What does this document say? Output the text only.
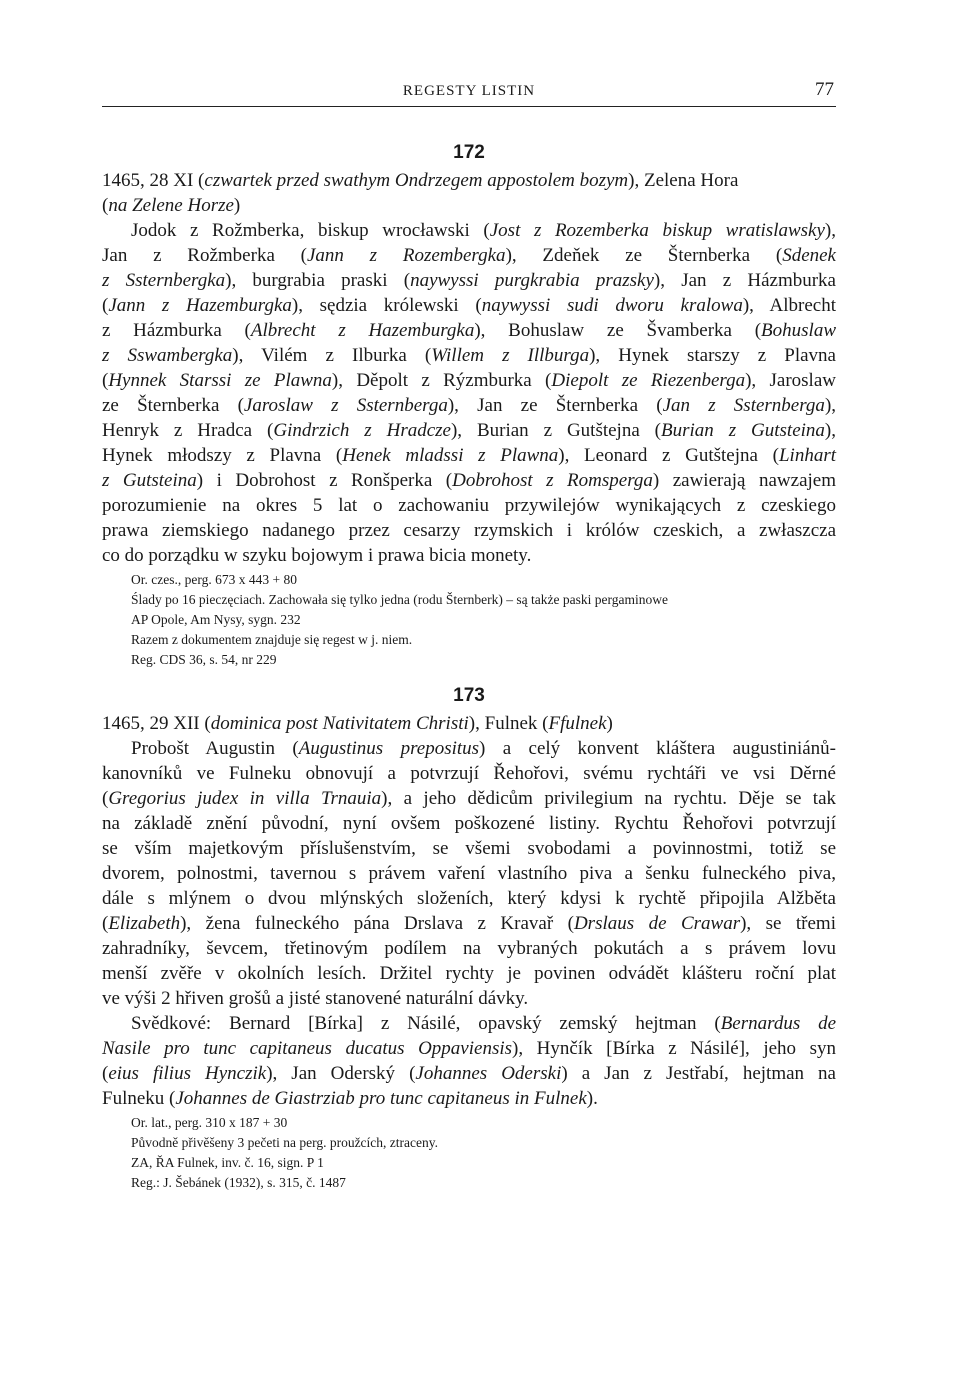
REGESTY LISTIN	77
172
1465, 28 XI (czwartek przed swathym Ondrzegem appostolem bozym), Zelena Hora
(na Zelene Horze)
Jodok z Rožmberka, biskup wrocławski (Jost z Rozemberka biskup wratislawsky),
Jan z Rožmberka (Jann z Rozembergka), Zdeňek ze Šternberka (Sdenek
z Ssternbergka), burgrabia praski (naywyssi purgkrabia prazsky), Jan z Házmburka
(Jann z Hazemburgka), sędzia królewski (naywyssi sudi dworu kralowa), Albrecht
z Házmburka (Albrecht z Hazemburgka), Bohuslaw ze Švamberka (Bohuslaw
z Sswambergka), Vilém z Ilburka (Willem z Illburga), Hynek starszy z Plavna
(Hynnek Starssi ze Plawna), Děpolt z Rýzmburka (Diepolt ze Riezenberga), Jaroslaw
ze Šternberka (Jaroslaw z Ssternberga), Jan ze Šternberka (Jan z Ssternberga),
Henryk z Hradca (Gindrzich z Hradcze), Burian z Gutštejna (Burian z Gutsteina),
Hynek młodszy z Plavna (Henek mladssi z Plawna), Leonard z Gutštejna (Linhart
z Gutsteina) i Dobrohost z Ronšperka (Dobrohost z Romsperga) zawierają nawzajem
porozumienie na okres 5 lat o zachowaniu przywilejów wynikających z czeskiego
prawa ziemskiego nadanego przez cesarzy rzymskich i królów czeskich, a zwłaszcza
co do porządku w szyku bojowym i prawa bicia monety.
Or. czes., perg. 673 x 443 + 80
Ślady po 16 pieczęciach. Zachowała się tylko jedna (rodu Šternberk) – są także paski pergaminowe
AP Opole, Am Nysy, sygn. 232
Razem z dokumentem znajduje się regest w j. niem.
Reg. CDS 36, s. 54, nr 229
173
1465, 29 XII (dominica post Nativitatem Christi), Fulnek (Ffulnek)
Probošt Augustin (Augustinus prepositus) a celý konvent kláštera augustiniánů-
kanovníků ve Fulneku obnovují a potvrzují Řehořovi, svému rychtáři ve vsi Děrné
(Gregorius judex in villa Trnauia), a jeho dědicům privilegium na rychtu. Děje se tak
na základě znění původní, nyní ovšem poškozené listiny. Rychtu Řehořovi potvrzují
se vším majetkovým příslušenstvím, se všemi svobodami a povinnostmi, totiž se
dvorem, polnostmi, tavernou s právem vaření vlastního piva a šenku fulneckého piva,
dále s mlýnem o dvou mlýnských složeních, který kdysi k rychtě připojila Alžběta
(Elizabeth), žena fulneckého pána Drslava z Kravař (Drslaus de Crawar), se třemi
zahradníky, ševcem, třetinovým podílem na vybraných pokutách a s právem lovu
menší zvěře v okolních lesích. Držitel rychty je povinen odvádět klášteru roční plat
ve výši 2 hřiven grošů a jisté stanovené naturální dávky.
Svědkové: Bernard [Bírka] z Násilé, opavský zemský hejtman (Bernardus de
Nasile pro tunc capitaneus ducatus Oppaviensis), Hynčík [Bírka z Násilé], jeho syn
(eius filius Hynczik), Jan Oderský (Johannes Oderski) a Jan z Jestřabí, hejtman na
Fulneku (Johannes de Giastrziab pro tunc capitaneus in Fulnek).
Or. lat., perg. 310 x 187 + 30
Původně přivěšeny 3 pečeti na perg. proužcích, ztraceny.
ZA, ŘA Fulnek, inv. č. 16, sign. P 1
Reg.: J. Šebánek (1932), s. 315, č. 1487
